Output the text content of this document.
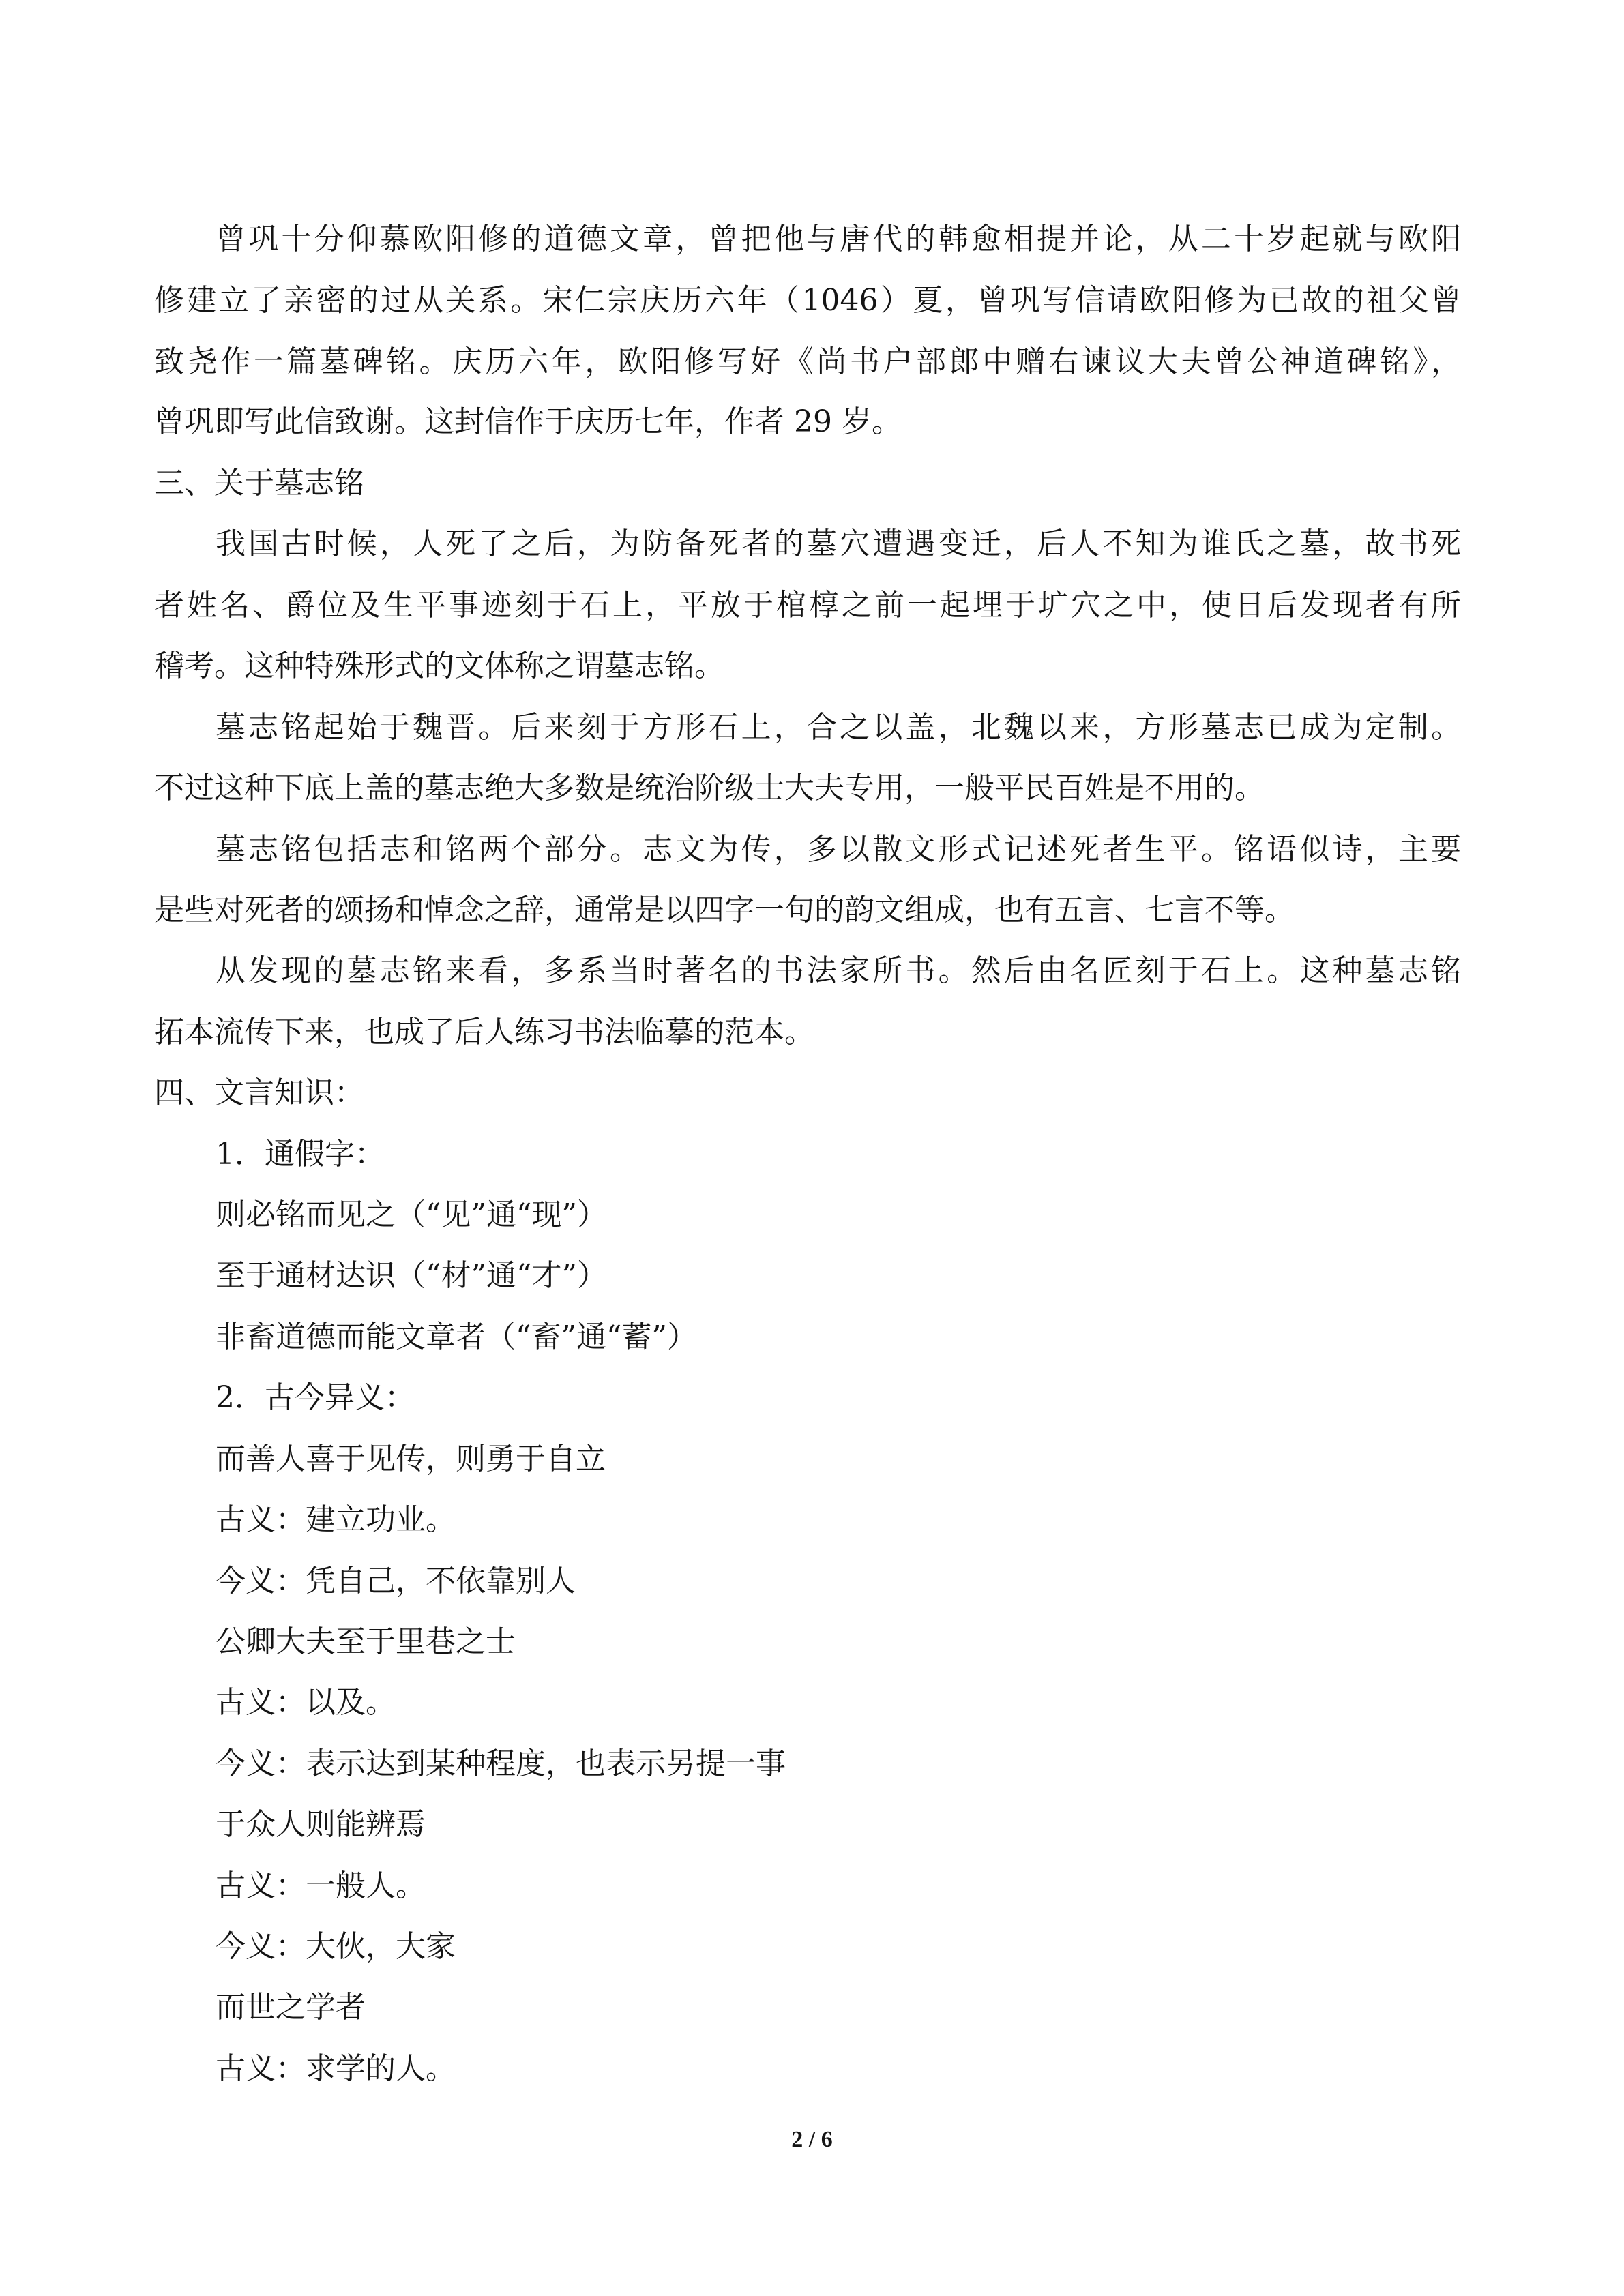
曾巩十分仰慕欧阳修的道德文章，曾把他与唐代的韩愈相提并论，从二十岁起就与欧阳
修建立了亲密的过从关系。宋仁宗庆历六年（1046）夏，曾巩写信请欧阳修为已故的祖父曾
致尧作一篇墓碑铭。庆历六年，欧阳修写好《尚书户部郎中赠右谏议大夫曾公神道碑铭》，
曾巩即写此信致谢。这封信作于庆历七年，作者 29 岁。
三、关于墓志铭
我国古时候，人死了之后，为防备死者的墓穴遭遇变迁，后人不知为谁氏之墓，故书死
者姓名、爵位及生平事迹刻于石上，平放于棺椁之前一起埋于圹穴之中，使日后发现者有所
稽考。这种特殊形式的文体称之谓墓志铭。
墓志铭起始于魏晋。后来刻于方形石上，合之以盖，北魏以来，方形墓志已成为定制。
不过这种下底上盖的墓志绝大多数是统治阶级士大夫专用，一般平民百姓是不用的。
墓志铭包括志和铭两个部分。志文为传，多以散文形式记述死者生平。铭语似诗，主要
是些对死者的颂扬和悼念之辞，通常是以四字一句的韵文组成，也有五言、七言不等。
从发现的墓志铭来看，多系当时著名的书法家所书。然后由名匠刻于石上。这种墓志铭
拓本流传下来，也成了后人练习书法临摹的范本。
四、文言知识：
1．通假字：
则必铭而见之（“见”通“现”）
至于通材达识（“材”通“才”）
非畜道德而能文章者（“畜”通“蓄”）
2．古今异义：
而善人喜于见传，则勇于自立
古义：建立功业。
今义：凭自己，不依靠别人
公卿大夫至于里巷之士
古义：以及。
今义：表示达到某种程度，也表示另提一事
于众人则能辨焉
古义：一般人。
今义：大伙，大家
而世之学者
古义：求学的人。
2 / 6
